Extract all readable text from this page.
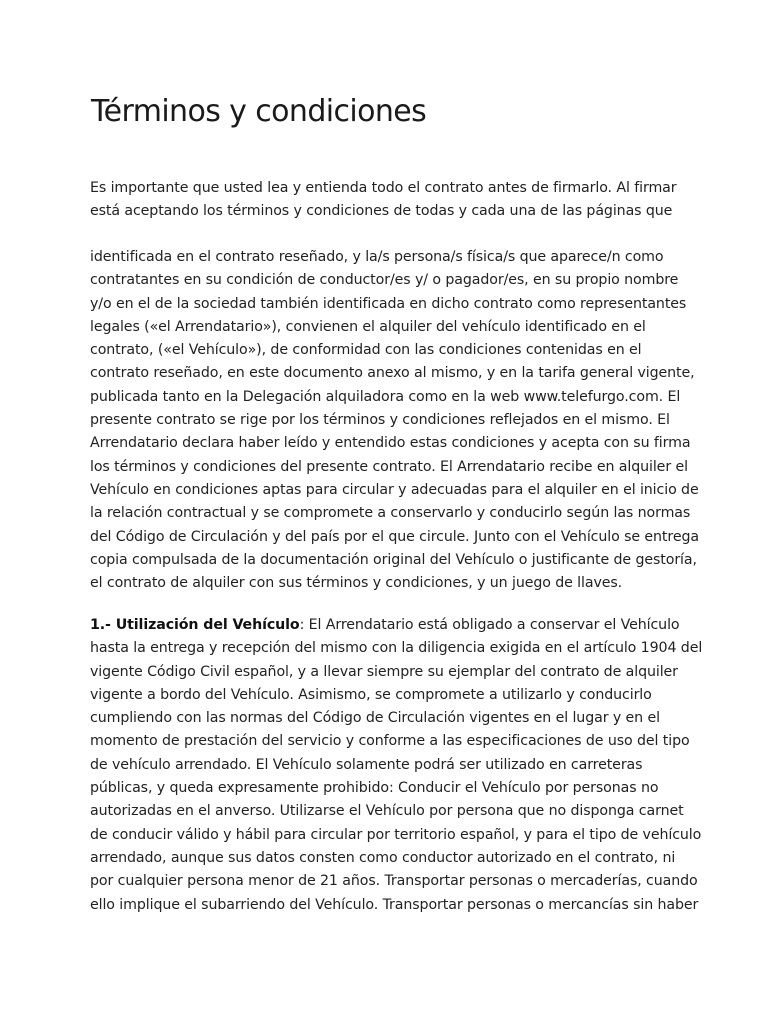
Términos y condiciones

Es importante que usted lea y entienda todo el contrato antes de firmarlo. Al firmar
está aceptando los términos y condiciones de todas y cada una de las páginas que

identificada en el contrato reseñado, y la/s persona/s física/s que aparece/n como
contratantes en su condición de conductor/es y/ o pagador/es, en su propio nombre
y/o en el de la sociedad también identificada en dicho contrato como representantes
legales («el Arrendatario»), convienen el alquiler del vehículo identificado en el
contrato, («el Vehículo»), de conformidad con las condiciones contenidas en el
contrato reseñado, en este documento anexo al mismo, y en la tarifa general vigente,
publicada tanto en la Delegación alquiladora como en la web www.telefurgo.com. El
presente contrato se rige por los términos y condiciones reflejados en el mismo. El
Arrendatario declara haber leído y entendido estas condiciones y acepta con su firma
los términos y condiciones del presente contrato. El Arrendatario recibe en alquiler el
Vehículo en condiciones aptas para circular y adecuadas para el alquiler en el inicio de
la relación contractual y se compromete a conservarlo y conducirlo según las normas
del Código de Circulación y del país por el que circule. Junto con el Vehículo se entrega
copia compulsada de la documentación original del Vehículo o justificante de gestoría,
el contrato de alquiler con sus términos y condiciones, y un juego de llaves.

1.- Utilización del Vehículo: El Arrendatario está obligado a conservar el Vehículo
hasta la entrega y recepción del mismo con la diligencia exigida en el artículo 1904 del
vigente Código Civil español, y a llevar siempre su ejemplar del contrato de alquiler
vigente a bordo del Vehículo. Asimismo, se compromete a utilizarlo y conducirlo
cumpliendo con las normas del Código de Circulación vigentes en el lugar y en el
momento de prestación del servicio y conforme a las especificaciones de uso del tipo
de vehículo arrendado. El Vehículo solamente podrá ser utilizado en carreteras
públicas, y queda expresamente prohibido: Conducir el Vehículo por personas no
autorizadas en el anverso. Utilizarse el Vehículo por persona que no disponga carnet
de conducir válido y hábil para circular por territorio español, y para el tipo de vehículo
arrendado, aunque sus datos consten como conductor autorizado en el contrato, ni
por cualquier persona menor de 21 años. Transportar personas o mercaderías, cuando
ello implique el subarriendo del Vehículo. Transportar personas o mercancías sin haber
